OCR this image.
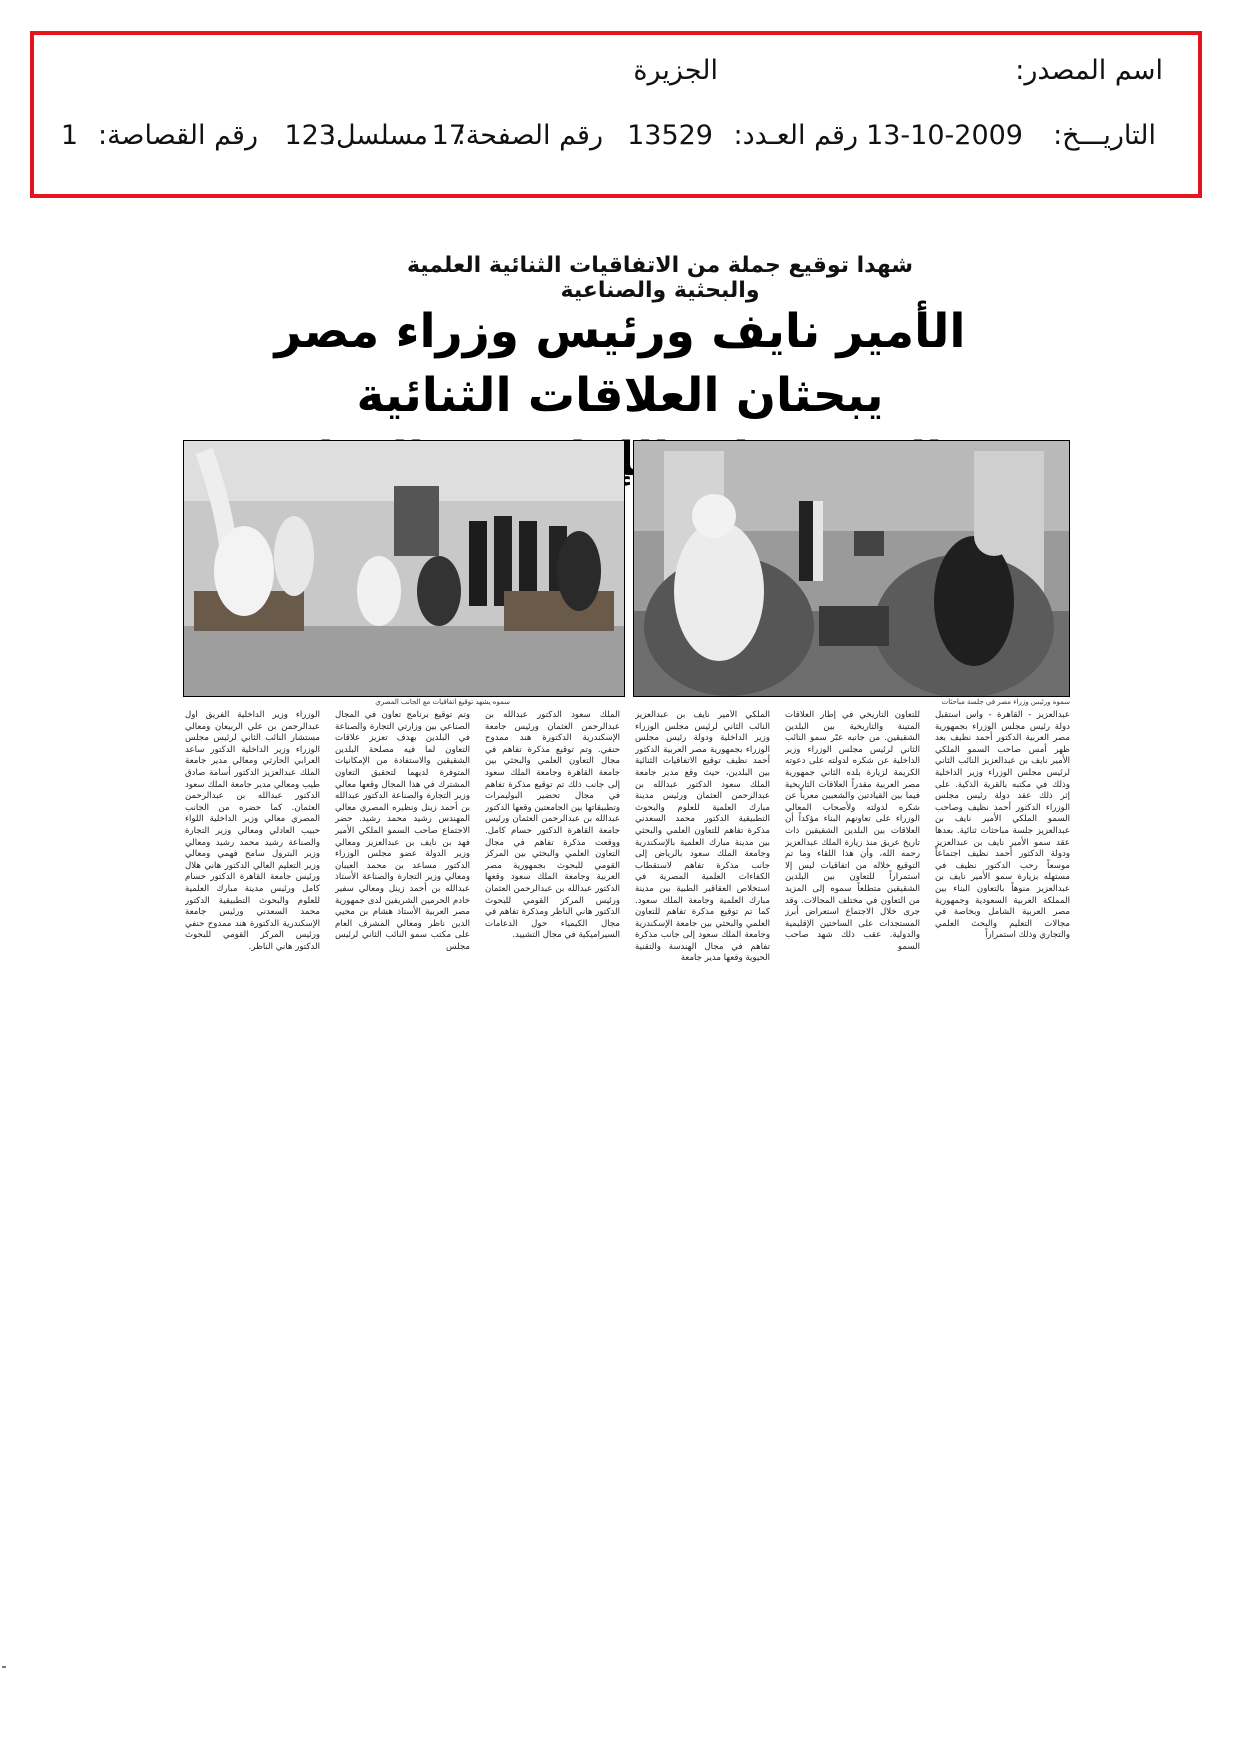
اسم المصدر:
الجزيرة
التاريـــخ:
13-10-2009
رقم العـدد:
13529
رقم الصفحة:
17
مسلسل:
123
رقم القصاصة:
1
شهدا توقيع جملة من الاتفاقيات الثنائية العلمية والبحثية والصناعية
الأمير نايف ورئيس وزراء مصر يبحثان العلاقات الثنائية
سموه ورئيس وزراء مصر في جلسة مباحثات
سموه يشهد توقيع اتفاقيات مع الجانب المصري
عبدالعزيز - القاهرة - واس استقبل دولة رئيس مجلس الوزراء بجمهورية مصر العربية الدكتور أحمد نظيف بعد ظهر أمس صاحب السمو الملكي الأمير نايف بن عبدالعزيز النائب الثاني لرئيس مجلس الوزراء وزير الداخلية وذلك في مكتبه بالقرية الذكية. على إثر ذلك عقد دولة رئيس مجلس الوزراء الدكتور أحمد نظيف وصاحب السمو الملكي الأمير نايف بن عبدالعزيز جلسة مباحثات ثنائية. بعدها عقد سمو الأمير نايف بن عبدالعزيز ودولة الدكتور أحمد نظيف اجتماعاً موسعاً رحب الدكتور نظيف في مستهله بزيارة سمو الأمير نايف بن عبدالعزيز منوهاً بالتعاون البناء بين المملكة العربية السعودية وجمهورية مصر العربية الشامل وبخاصة في مجالات التعليم والبحث العلمي والتجاري وذلك استمراراً
للتعاون التاريخي في إطار العلاقات المتينة والتاريخية بين البلدين الشقيقين. من جانبه عبّر سمو النائب الثاني لرئيس مجلس الوزراء وزير الداخلية عن شكره لدولته على دعوته الكريمة لزيارة بلده الثاني جمهورية مصر العربية مقدراً العلاقات التاريخية فيما بين القيادتين والشعبين معرباً عن شكره لدولته ولأصحاب المعالي الوزراء على تعاونهم البناء مؤكداً أن العلاقات بين البلدين الشقيقين ذات تاريخ عريق منذ زيارة الملك عبدالعزيز رحمه الله، وأن هذا اللقاء وما تم التوقيع خلاله من اتفاقيات ليس إلا استمراراً للتعاون بين البلدين الشقيقين متطلعاً سموه إلى المزيد من التعاون في مختلف المجالات. وقد جرى خلال الاجتماع استعراض أبرز المستجدات على الساحتين الإقليمية والدولية. عقب ذلك شهد صاحب السمو
الملكي الأمير نايف بن عبدالعزيز النائب الثاني لرئيس مجلس الوزراء وزير الداخلية ودولة رئيس مجلس الوزراء بجمهورية مصر العربية الدكتور أحمد نظيف توقيع الاتفاقيات الثنائية بين البلدين، حيث وقع مدير جامعة الملك سعود الدكتور عبدالله بن عبدالرحمن العثمان ورئيس مدينة مبارك العلمية للعلوم والبحوث التطبيقية الدكتور محمد السعدني مذكرة تفاهم للتعاون العلمي والبحثي بين مدينة مبارك العلمية بالإسكندرية وجامعة الملك سعود بالرياض إلى جانب مذكرة تفاهم لاستقطاب الكفاءات العلمية المصرية في استخلاص العقاقير الطبية بين مدينة مبارك العلمية وجامعة الملك سعود. كما تم توقيع مذكرة تفاهم للتعاون العلمي والبحثي بين جامعة الإسكندرية وجامعة الملك سعود إلى جانب مذكرة تفاهم في مجال الهندسة والتقنية الحيوية وقعها مدير جامعة
الملك سعود الدكتور عبدالله بن عبدالرحمن العثمان ورئيس جامعة الإسكندرية الدكتورة هند ممدوح حنفي. وتم توقيع مذكرة تفاهم في مجال التعاون العلمي والبحثي بين جامعة القاهرة وجامعة الملك سعود إلى جانب ذلك تم توقيع مذكرة تفاهم في مجال تحضير البوليمرات وتطبيقاتها بين الجامعتين وقعها الدكتور عبدالله بن عبدالرحمن العثمان ورئيس جامعة القاهرة الدكتور حسام كامل. ووقعت مذكرة تفاهم في مجال التعاون العلمي والبحثي بين المركز القومي للبحوث بجمهورية مصر العربية وجامعة الملك سعود وقعها الدكتور عبدالله بن عبدالرحمن العثمان ورئيس المركز القومي للبحوث الدكتور هاني الناظر ومذكرة تفاهم في مجال الكيمياء حول الدعامات السيراميكية في مجال التشييد.
وتم توقيع برنامج تعاون في المجال الصناعي بين وزارتي التجارة والصناعة في البلدين بهدف تعزيز علاقات التعاون لما فيه مصلحة البلدين الشقيقين والاستفادة من الإمكانيات المتوفرة لديهما لتحقيق التعاون المشترك في هذا المجال وقعها معالي وزير التجارة والصناعة الدكتور عبدالله بن أحمد زينل ونظيره المصري معالي المهندس رشيد محمد رشيد. حضر الاجتماع صاحب السمو الملكي الأمير فهد بن نايف بن عبدالعزيز ومعالي وزير الدولة عضو مجلس الوزراء الدكتور مساعد بن محمد العيبان ومعالي وزير التجارة والصناعة الأستاذ عبدالله بن أحمد زينل ومعالي سفير خادم الحرمين الشريفين لدى جمهورية مصر العربية الأستاذ هشام بن محيي الدين ناظر ومعالي المشرف العام على مكتب سمو النائب الثاني لرئيس مجلس
الوزراء وزير الداخلية الفريق أول عبدالرحمن بن علي الربيعان ومعالي مستشار النائب الثاني لرئيس مجلس الوزراء وزير الداخلية الدكتور ساعد العرابي الحارثي ومعالي مدير جامعة الملك عبدالعزيز الدكتور أسامة صادق طيب ومعالي مدير جامعة الملك سعود الدكتور عبدالله بن عبدالرحمن العثمان. كما حضره من الجانب المصري معالي وزير الداخلية اللواء حبيب العادلي ومعالي وزير التجارة والصناعة رشيد محمد رشيد ومعالي وزير البترول سامح فهمي ومعالي وزير التعليم العالي الدكتور هاني هلال ورئيس جامعة القاهرة الدكتور حسام كامل ورئيس مدينة مبارك العلمية للعلوم والبحوث التطبيقية الدكتور محمد السعدني ورئيس جامعة الإسكندرية الدكتورة هند ممدوح حنفي ورئيس المركز القومي للبحوث الدكتور هاني الناظر.
